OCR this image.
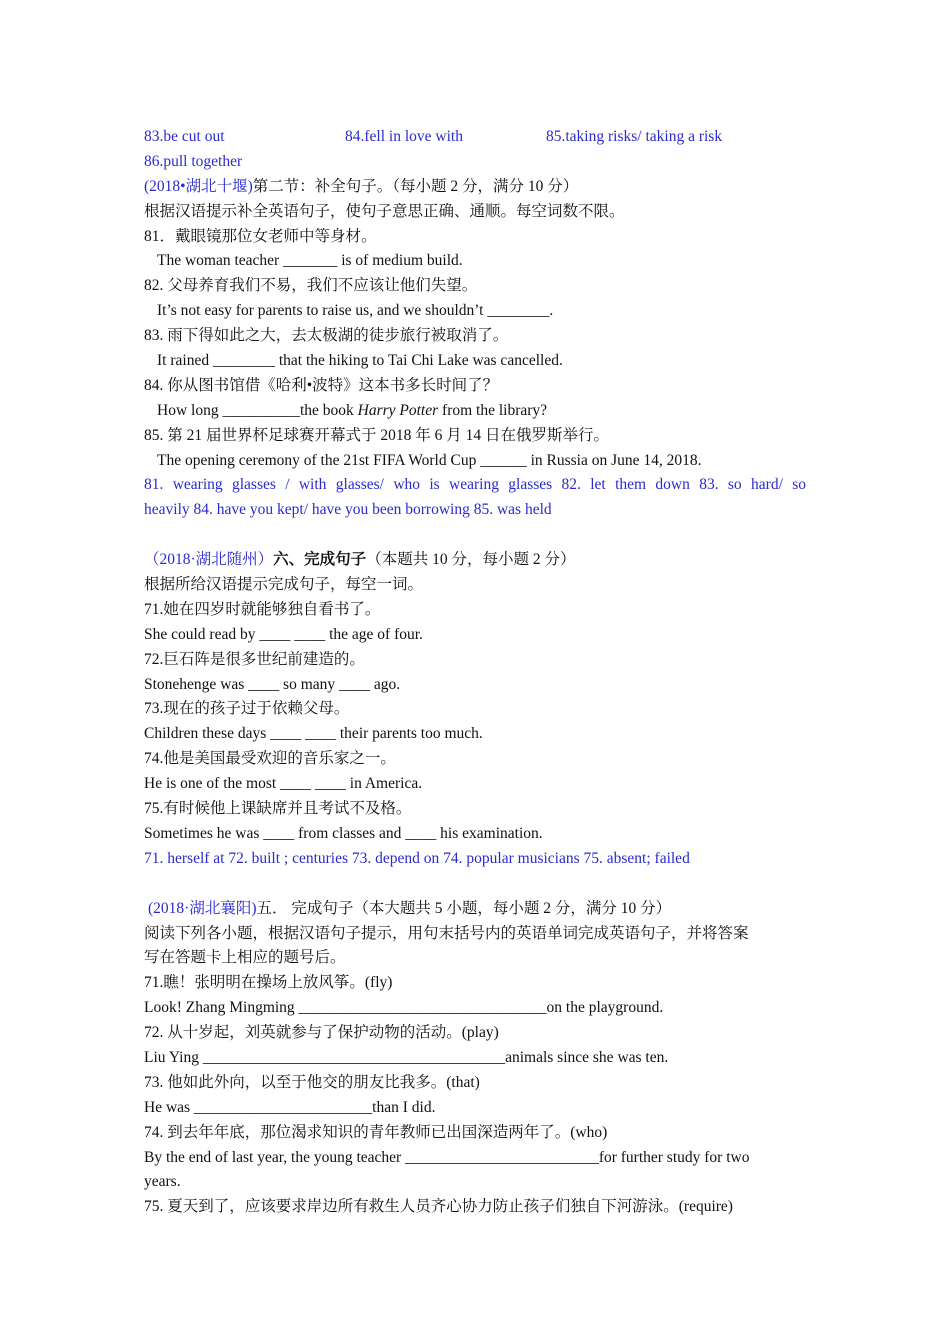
83.be cut out	84.fell in love with	85.taking risks/ taking a risk
86.pull together
(2018•湖北十堰)第二节：补全句子。（每小题 2 分，满分 10 分）
根据汉语提示补全英语句子，使句子意思正确、通顺。每空词数不限。
81．戴眼镜那位女老师中等身材。
The woman teacher _______ is of medium build.
82. 父母养育我们不易，我们不应该让他们失望。
It’s not easy for parents to raise us, and we shouldn’t ________.
83. 雨下得如此之大，去太极湖的徒步旅行被取消了。
It rained ________ that the hiking to Tai Chi Lake was cancelled.
84. 你从图书馆借《哈利•波特》这本书多长时间了？
How long __________the book Harry Potter from the library?
85. 第 21 届世界杯足球赛开幕式于 2018 年 6 月 14 日在俄罗斯举行。
The opening ceremony of the 21st FIFA World Cup ______ in Russia on June 14, 2018.
81. wearing glasses / with glasses/ who is wearing glasses 82. let them down 83. so hard/ so
heavily 84. have you kept/ have you been borrowing 85. was held
（2018·湖北随州）六、完成句子（本题共 10 分，每小题 2 分）
根据所给汉语提示完成句子，每空一词。
71.她在四岁时就能够独自看书了。
She could read by ____ ____ the age of four.
72.巨石阵是很多世纪前建造的。
Stonehenge was ____ so many ____ ago.
73.现在的孩子过于依赖父母。
Children these days ____ ____ their parents too much.
74.他是美国最受欢迎的音乐家之一。
He is one of the most ____ ____ in America.
75.有时候他上课缺席并且考试不及格。
Sometimes he was ____ from classes and ____ his examination.
71. herself at 72. built ; centuries 73. depend on 74. popular musicians 75. absent; failed
(2018·湖北襄阳)五． 完成句子（本大题共 5 小题，每小题 2 分，满分 10 分）
阅读下列各小题，根据汉语句子提示，用句末括号内的英语单词完成英语句子，并将答案
写在答题卡上相应的题号后。
71.瞧！张明明在操场上放风筝。(fly)
Look! Zhang Mingming ________________________________on the playground.
72. 从十岁起，刘英就参与了保护动物的活动。(play)
Liu Ying _______________________________________animals since she was ten.
73. 他如此外向，以至于他交的朋友比我多。(that)
He was _______________________than I did.
74. 到去年年底，那位渴求知识的青年教师已出国深造两年了。(who)
By the end of last year, the young teacher _________________________for further study for two
years.
75. 夏天到了，应该要求岸边所有救生人员齐心协力防止孩子们独自下河游泳。(require)
